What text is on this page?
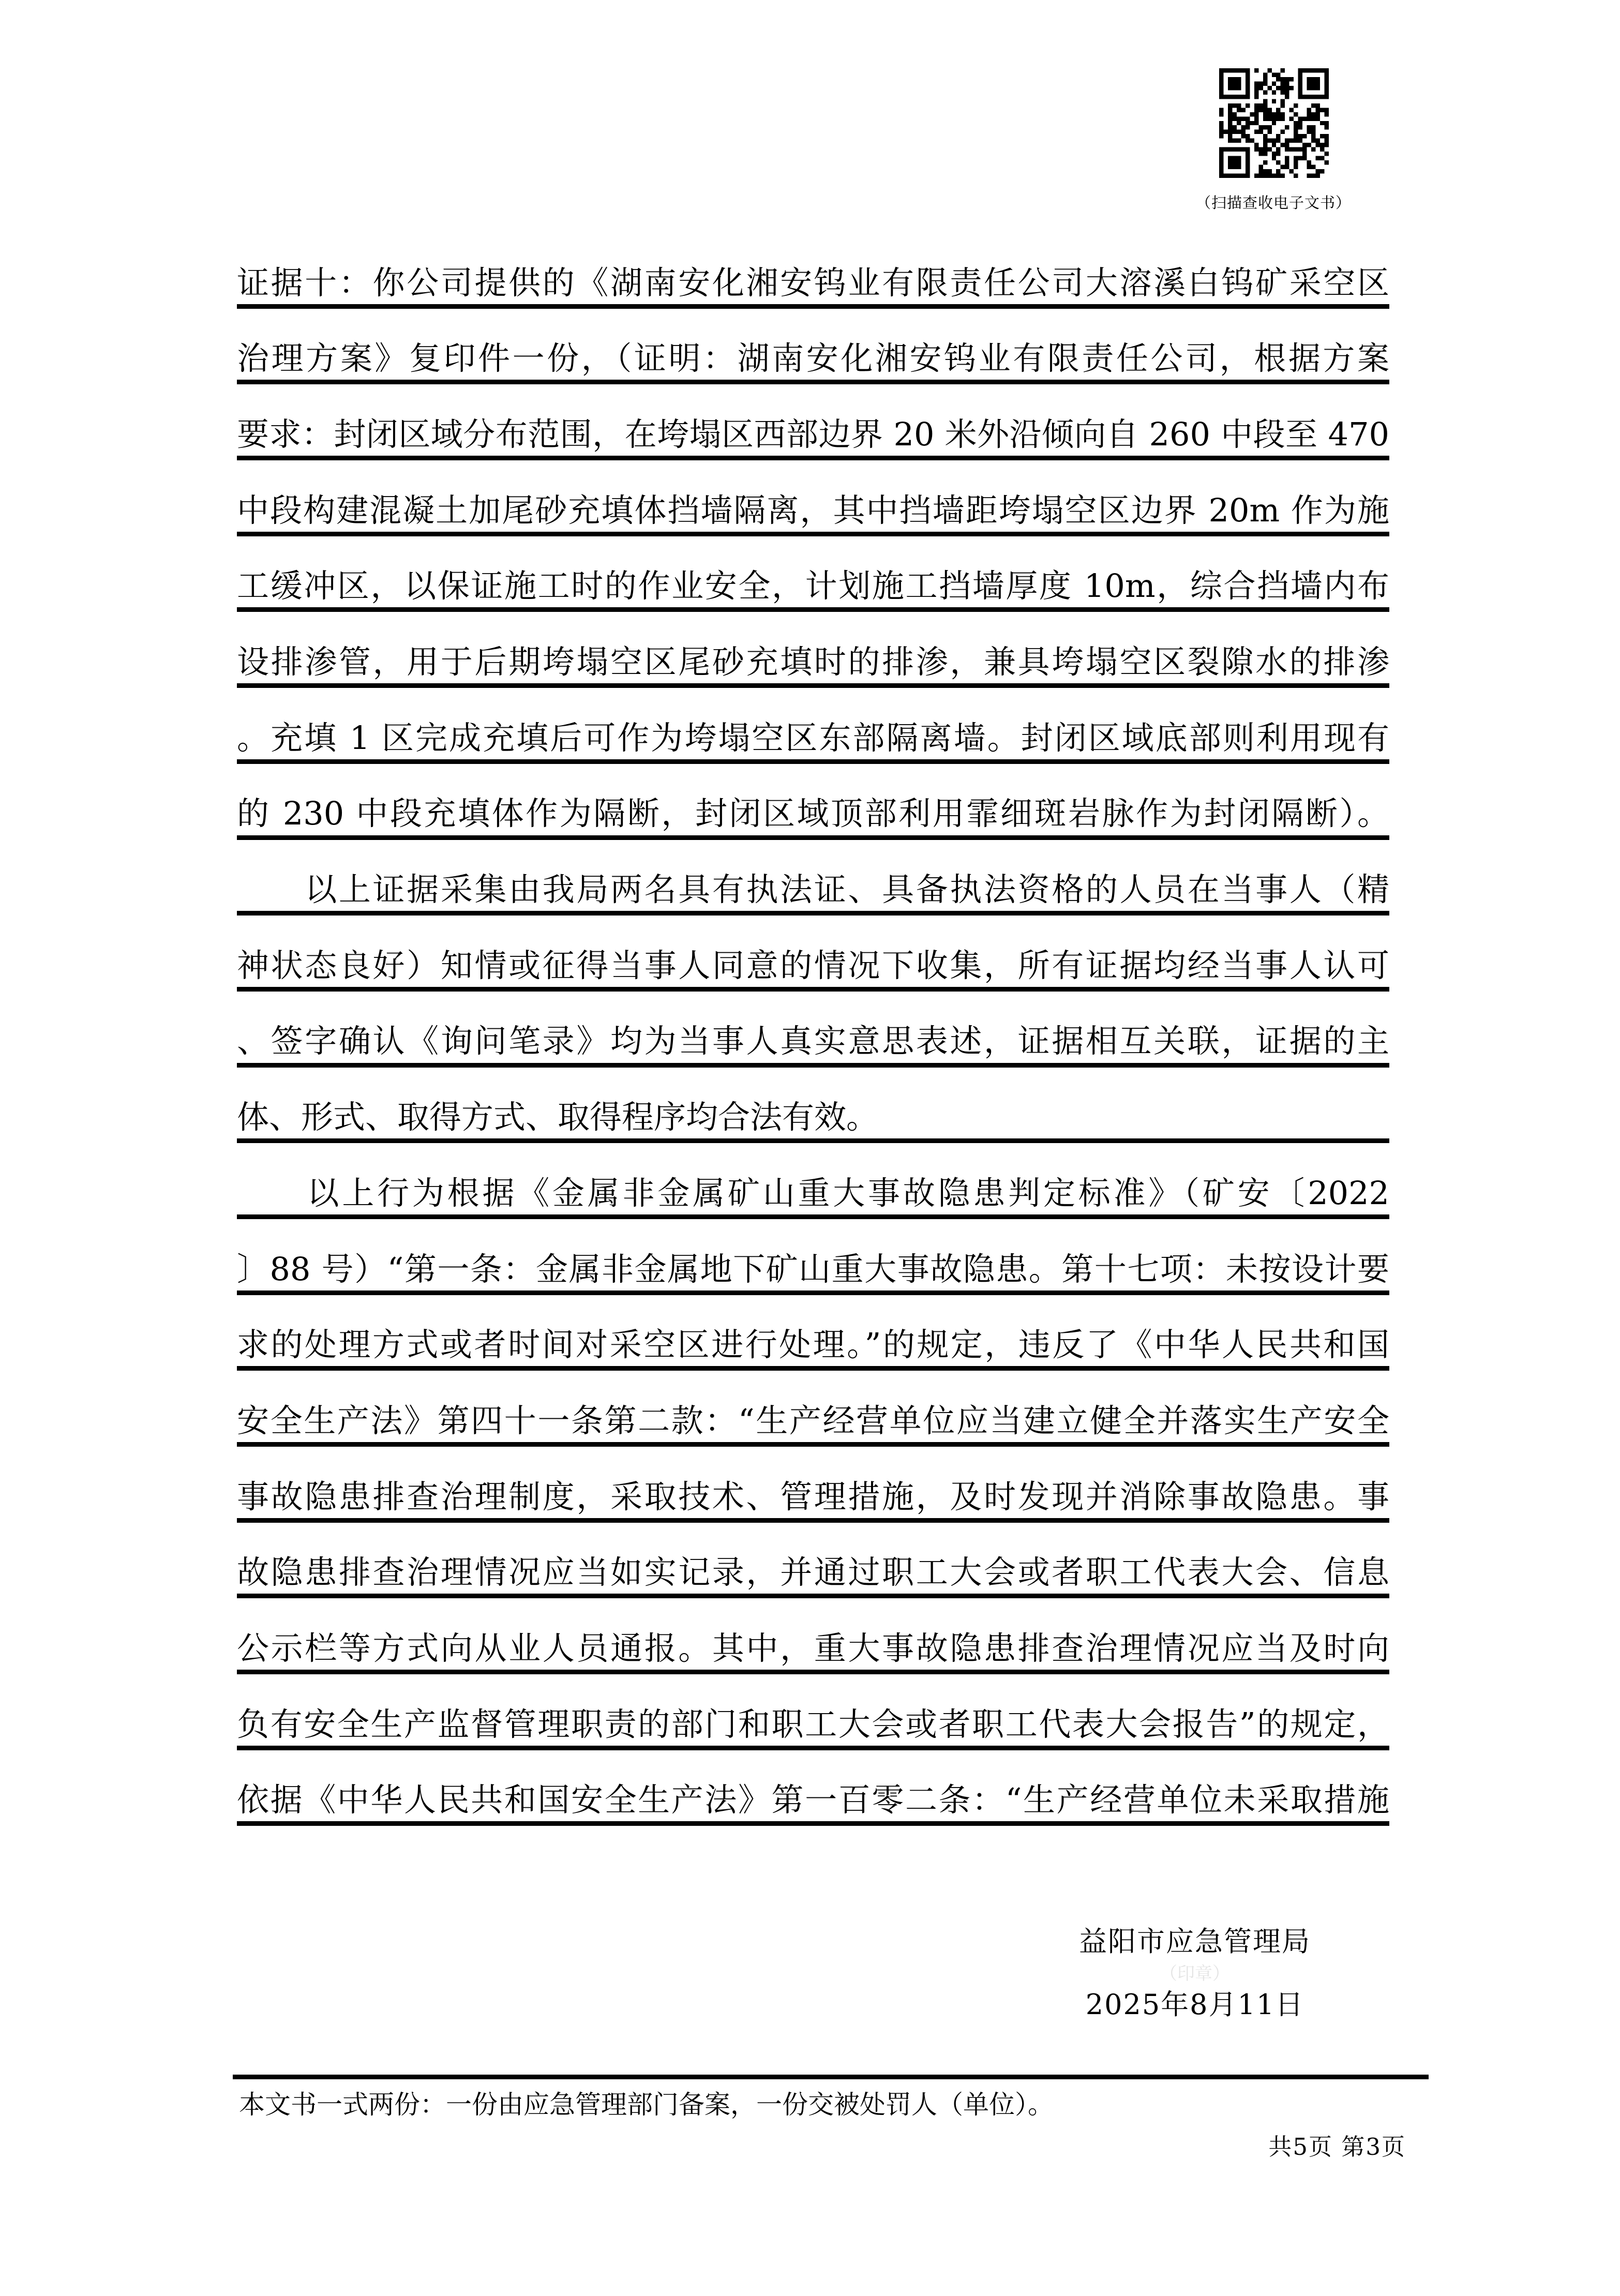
（扫描查收电子文书）
证据十：你公司提供的《湖南安化湘安钨业有限责任公司大溶溪白钨矿采空区
治理方案》复印件一份，（证明：湖南安化湘安钨业有限责任公司，根据方案
要求：封闭区域分布范围，在垮塌区西部边界 20 米外沿倾向自 260 中段至 470
中段构建混凝土加尾砂充填体挡墙隔离，其中挡墙距垮塌空区边界 20m 作为施
工缓冲区，以保证施工时的作业安全，计划施工挡墙厚度 10m，综合挡墙内布
设排渗管，用于后期垮塌空区尾砂充填时的排渗，兼具垮塌空区裂隙水的排渗
。充填 1 区完成充填后可作为垮塌空区东部隔离墙。封闭区域底部则利用现有
的 230 中段充填体作为隔断，封闭区域顶部利用霏细斑岩脉作为封闭隔断）。
　　以上证据采集由我局两名具有执法证、具备执法资格的人员在当事人（精
神状态良好）知情或征得当事人同意的情况下收集，所有证据均经当事人认可
、签字确认《询问笔录》均为当事人真实意思表述，证据相互关联，证据的主
体、形式、取得方式、取得程序均合法有效。
　　以上行为根据《金属非金属矿山重大事故隐患判定标准》（矿安〔2022
〕88 号）“第一条：金属非金属地下矿山重大事故隐患。第十七项：未按设计要
求的处理方式或者时间对采空区进行处理。”的规定，违反了《中华人民共和国
安全生产法》第四十一条第二款：“生产经营单位应当建立健全并落实生产安全
事故隐患排查治理制度，采取技术、管理措施，及时发现并消除事故隐患。事
故隐患排查治理情况应当如实记录，并通过职工大会或者职工代表大会、信息
公示栏等方式向从业人员通报。其中，重大事故隐患排查治理情况应当及时向
负有安全生产监督管理职责的部门和职工大会或者职工代表大会报告”的规定，
依据《中华人民共和国安全生产法》第一百零二条：“生产经营单位未采取措施
益阳市应急管理局
（印章）
2025年8月11日
本文书一式两份：一份由应急管理部门备案，一份交被处罚人（单位）。
共5页 第3页
